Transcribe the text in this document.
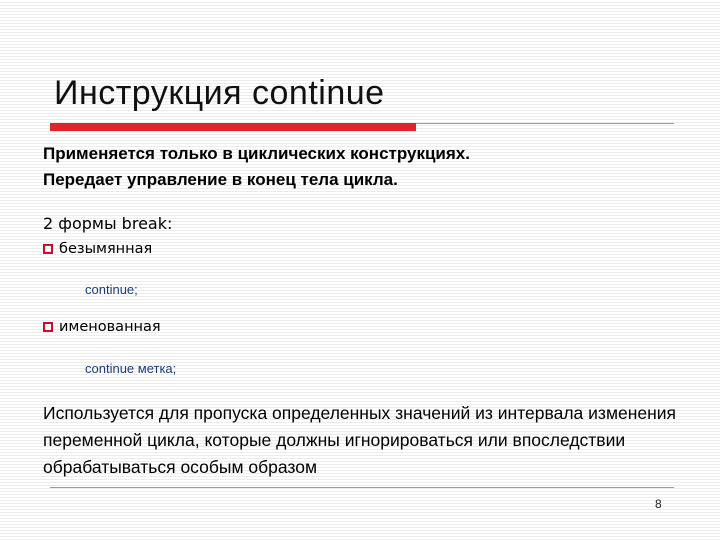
Инструкция continue
Применяется только в циклических конструкциях.
Передает управление в конец тела цикла.
2 формы break:
безымянная
continue;
именованная
continue метка;
Используется для пропуска определенных значений из интервала изменения переменной цикла, которые должны игнорироваться или впоследствии обрабатываться особым образом
8
